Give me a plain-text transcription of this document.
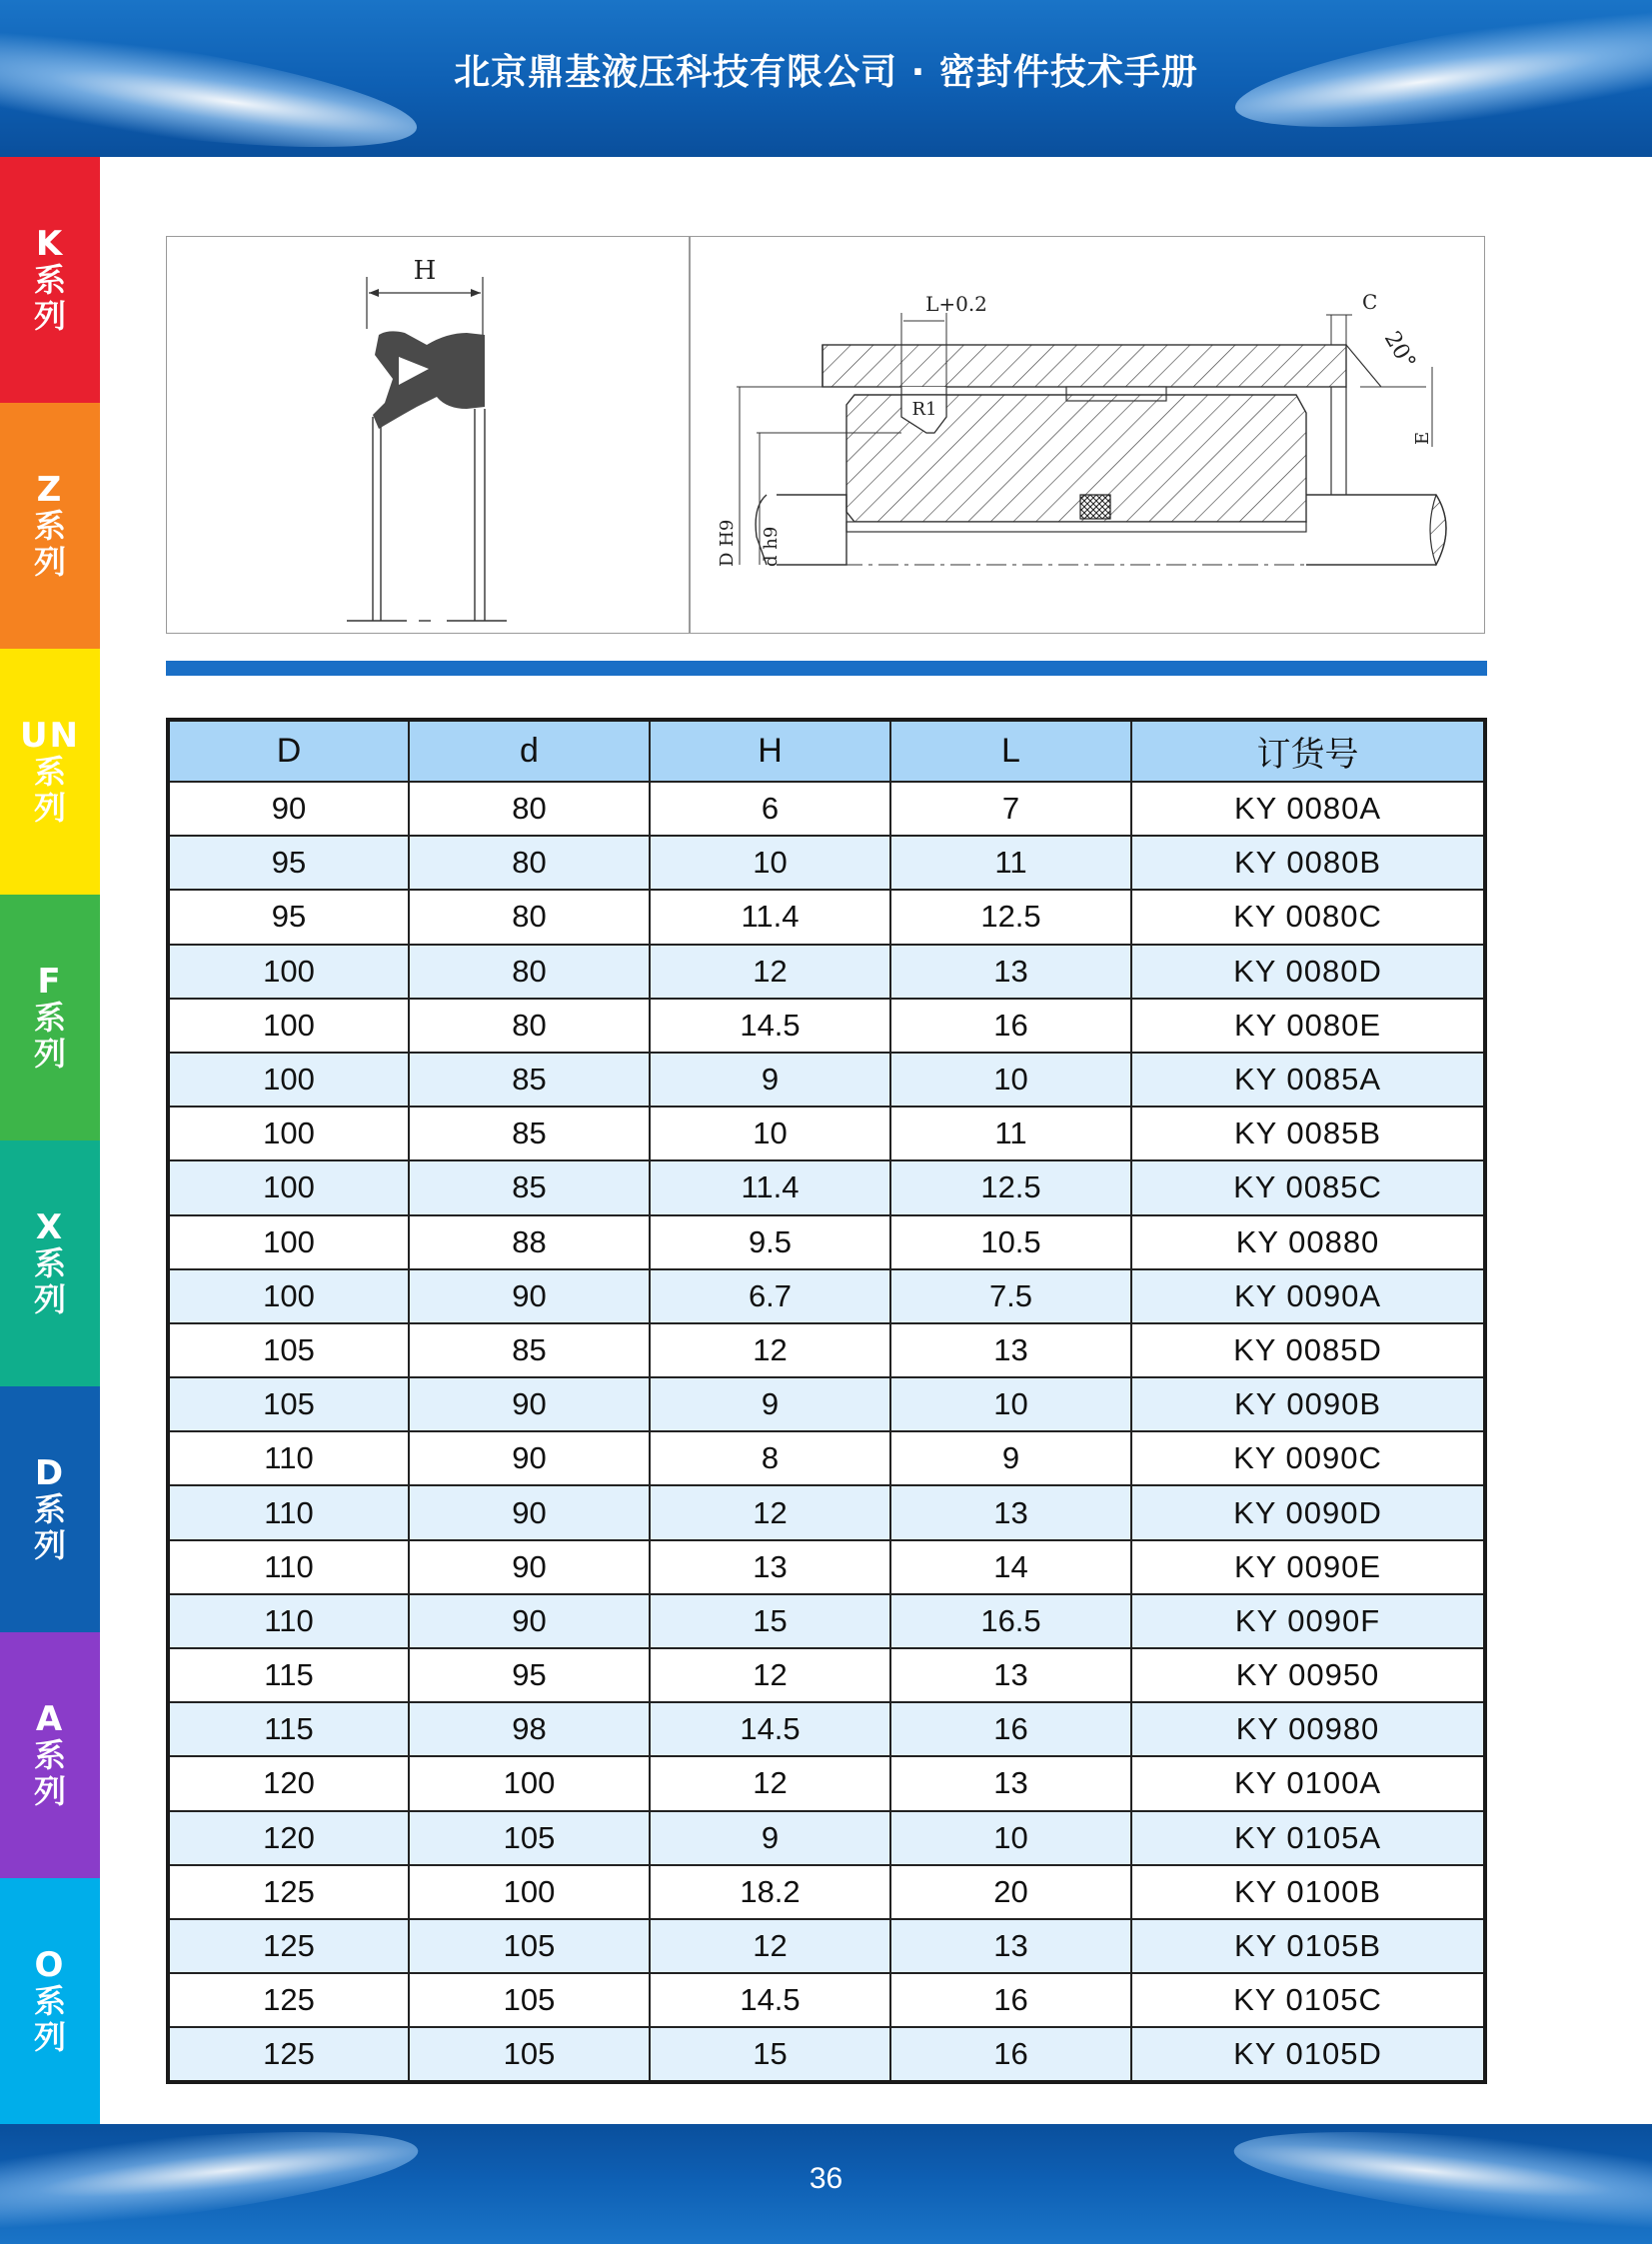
北京鼎基液压科技有限公司 · 密封件技术手册
K
系列
Z
系列
UN
系列
F
系列
X
系列
D
系列
A
系列
O
系列
H
C
20°
E
L+0.2
R1
D H9 d h9
D	d	H	L	订货号
90	80	6	7	KY 0080A
95	80	10	11	KY 0080B
95	80	11.4	12.5	KY 0080C
100	80	12	13	KY 0080D
100	80	14.5	16	KY 0080E
100	85	9	10	KY 0085A
100	85	10	11	KY 0085B
100	85	11.4	12.5	KY 0085C
100	88	9.5	10.5	KY 00880
100	90	6.7	7.5	KY 0090A
105	85	12	13	KY 0085D
105	90	9	10	KY 0090B
110	90	8	9	KY 0090C
110	90	12	13	KY 0090D
110	90	13	14	KY 0090E
110	90	15	16.5	KY 0090F
115	95	12	13	KY 00950
115	98	14.5	16	KY 00980
120	100	12	13	KY 0100A
120	105	9	10	KY 0105A
125	100	18.2	20	KY 0100B
125	105	12	13	KY 0105B
125	105	14.5	16	KY 0105C
125	105	15	16	KY 0105D
36
